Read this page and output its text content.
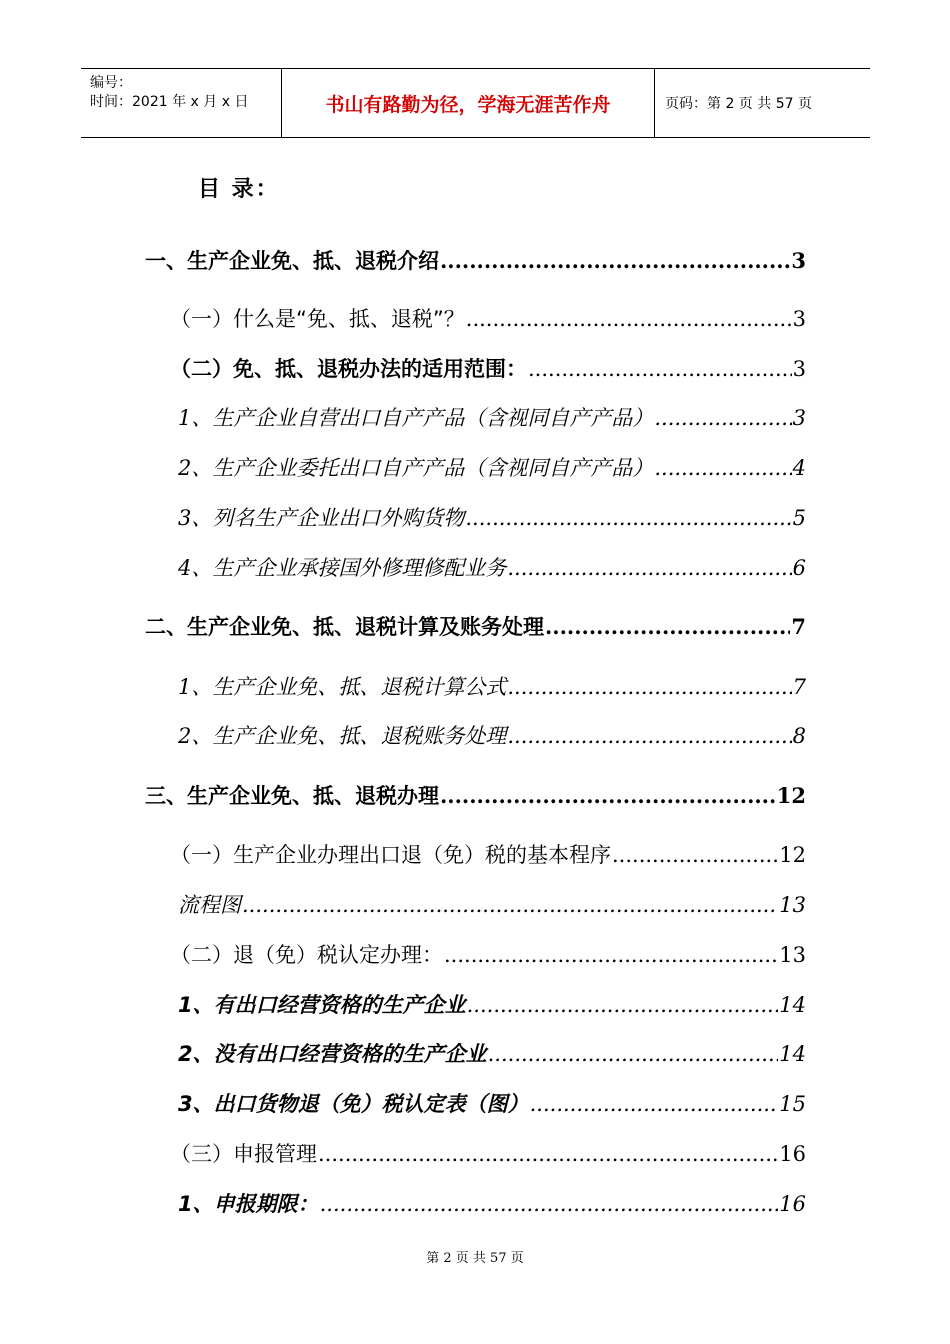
编号：
时间：2021 年 x 月 x 日	书山有路勤为径，学海无涯苦作舟	页码：第 2 页 共 57 页
目 录：
一、生产企业免、抵、退税介绍 .....	3
（一）什么是“免、抵、退税”？ .....	3
（二）免、抵、退税办法的适用范围： .....	3
1、生产企业自营出口自产产品（含视同自产产品） .....	3
2、生产企业委托出口自产产品（含视同自产产品） .....	4
3、列名生产企业出口外购货物 .....	5
4、生产企业承接国外修理修配业务 .....	6
二、生产企业免、抵、退税计算及账务处理 .....	7
1、生产企业免、抵、退税计算公式 .....	7
2、生产企业免、抵、退税账务处理 .....	8
三、生产企业免、抵、退税办理 .....	12
（一）生产企业办理出口退（免）税的基本程序 .....	12
流程图 .....	13
（二）退（免）税认定办理： .....	13
1、有出口经营资格的生产企业 .....	14
2、没有出口经营资格的生产企业 .....	14
3、出口货物退（免）税认定表（图） .....	15
（三）申报管理 .....	16
1、申报期限： .....	16
第 2 页 共 57 页
